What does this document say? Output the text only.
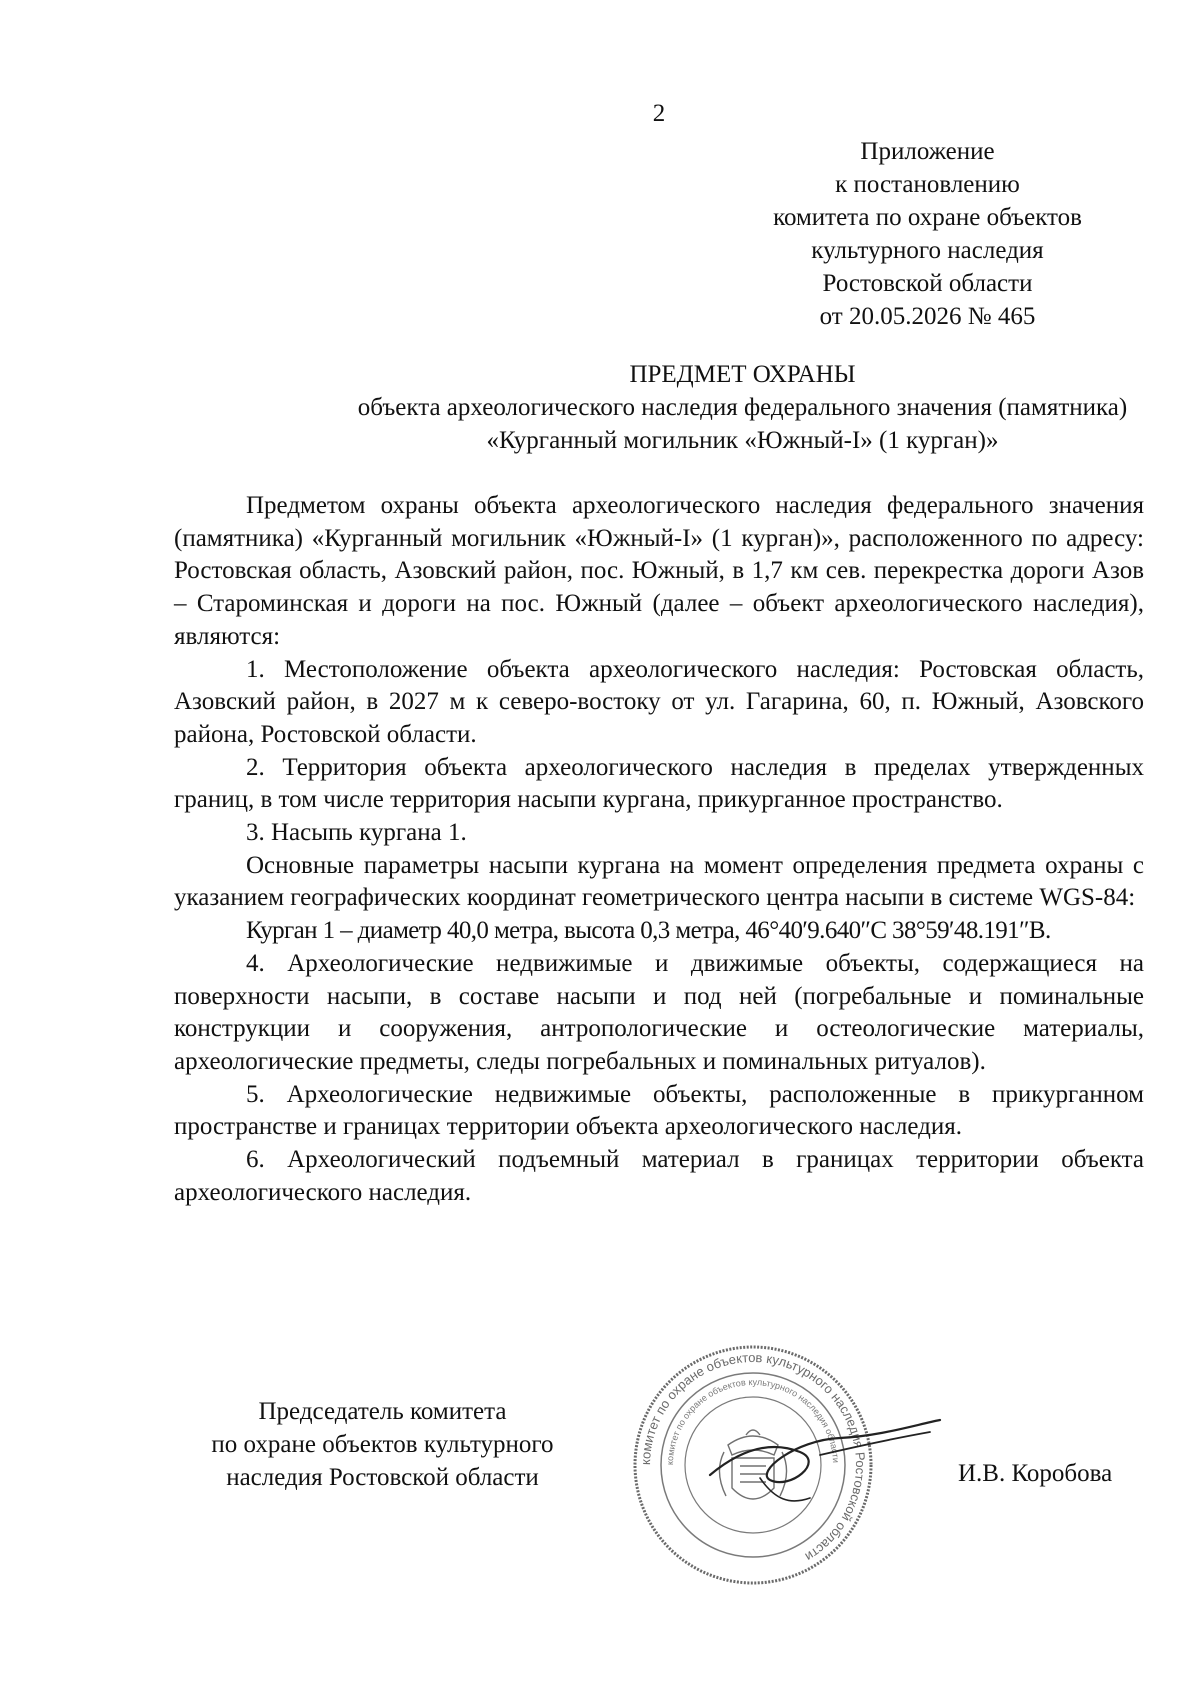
2
Приложение
к постановлению
комитета по охране объектов
культурного наследия
Ростовской области
от 20.05.2026 № 465
ПРЕДМЕТ ОХРАНЫ
объекта археологического наследия федерального значения (памятника)
«Курганный могильник «Южный-I» (1 курган)»

Предметом охраны объекта археологического наследия федерального значения (памятника) «Курганный могильник «Южный-I» (1 курган)», расположенного по адресу: Ростовская область, Азовский район, пос. Южный, в 1,7 км сев. перекрестка дороги Азов – Староминская и дороги на пос. Южный (далее – объект археологического наследия), являются:

1. Местоположение объекта археологического наследия: Ростовская область, Азовский район, в 2027 м к северо-востоку от ул. Гагарина, 60, п. Южный, Азовского района, Ростовской области.

2. Территория объекта археологического наследия в пределах утвержденных границ, в том числе территория насыпи кургана, прикурганное пространство.

3. Насыпь кургана 1.

Основные параметры насыпи кургана на момент определения предмета охраны с указанием географических координат геометрического центра насыпи в системе WGS-84:

Курган 1 – диаметр 40,0 метра, высота 0,3 метра, 46°40′9.640″С 38°59′48.191″В.

4. Археологические недвижимые и движимые объекты, содержащиеся на поверхности насыпи, в составе насыпи и под ней (погребальные и поминальные конструкции и сооружения, антропологические и остеологические материалы, археологические предметы, следы погребальных и поминальных ритуалов).

5. Археологические недвижимые объекты, расположенные в прикурганном пространстве и границах территории объекта археологического наследия.

6. Археологический подъемный материал в границах территории объекта археологического наследия.

Председатель комитета
по охране объектов культурного
наследия Ростовской области
комитет по охране объектов культурного наследия Ростовской области
комитет по охране объектов культурного наследия области	И.В. Коробова
